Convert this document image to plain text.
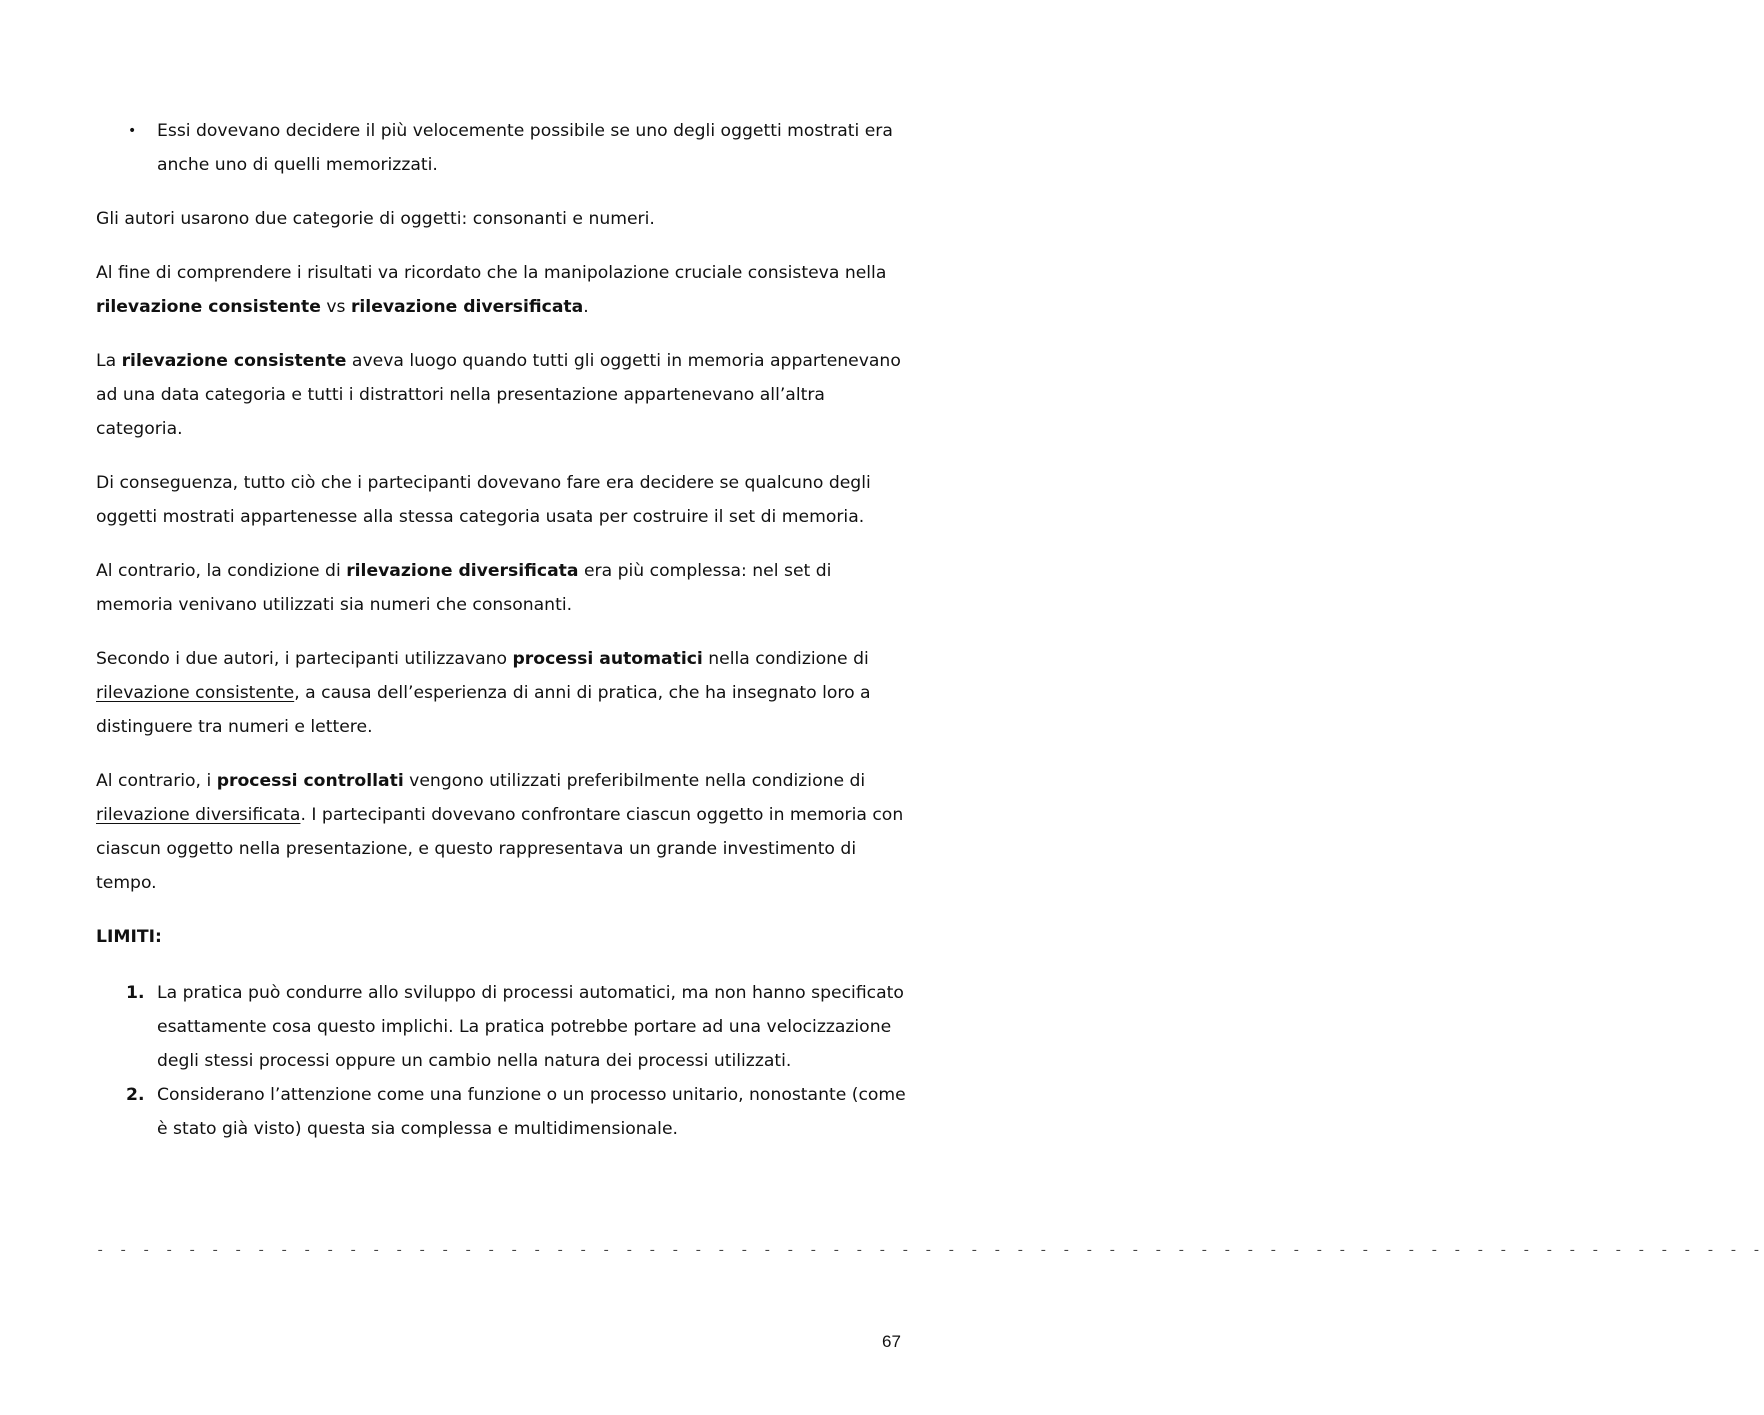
• Essi dovevano decidere il più velocemente possibile se uno degli oggetti mostrati era anche uno di quelli memorizzati.

Gli autori usarono due categorie di oggetti: consonanti e numeri.

Al fine di comprendere i risultati va ricordato che la manipolazione cruciale consisteva nella rilevazione consistente vs rilevazione diversificata.

La rilevazione consistente aveva luogo quando tutti gli oggetti in memoria appartenevano ad una data categoria e tutti i distrattori nella presentazione appartenevano all’altra categoria.

Di conseguenza, tutto ciò che i partecipanti dovevano fare era decidere se qualcuno degli oggetti mostrati appartenesse alla stessa categoria usata per costruire il set di memoria.

Al contrario, la condizione di rilevazione diversificata era più complessa: nel set di memoria venivano utilizzati sia numeri che consonanti.

Secondo i due autori, i partecipanti utilizzavano processi automatici nella condizione di rilevazione consistente, a causa dell’esperienza di anni di pratica, che ha insegnato loro a distinguere tra numeri e lettere.

Al contrario, i processi controllati vengono utilizzati preferibilmente nella condizione di rilevazione diversificata. I partecipanti dovevano confrontare ciascun oggetto in memoria con ciascun oggetto nella presentazione, e questo rappresentava un grande investimento di tempo.

LIMITI:
1. La pratica può condurre allo sviluppo di processi automatici, ma non hanno specificato esattamente cosa questo implichi. La pratica potrebbe portare ad una velocizzazione degli stessi processi oppure un cambio nella natura dei processi utilizzati.
2. Considerano l’attenzione come una funzione o un processo unitario, nonostante (come è stato già visto) questa sia complessa e multidimensionale.
- - - - - - - - - - - - - - - - - - - - - - - - - - - - - - - - - - - - - - - - - - - - - - - - - - - - - - - - - - - - - - - - - - - - - - - - -
67
